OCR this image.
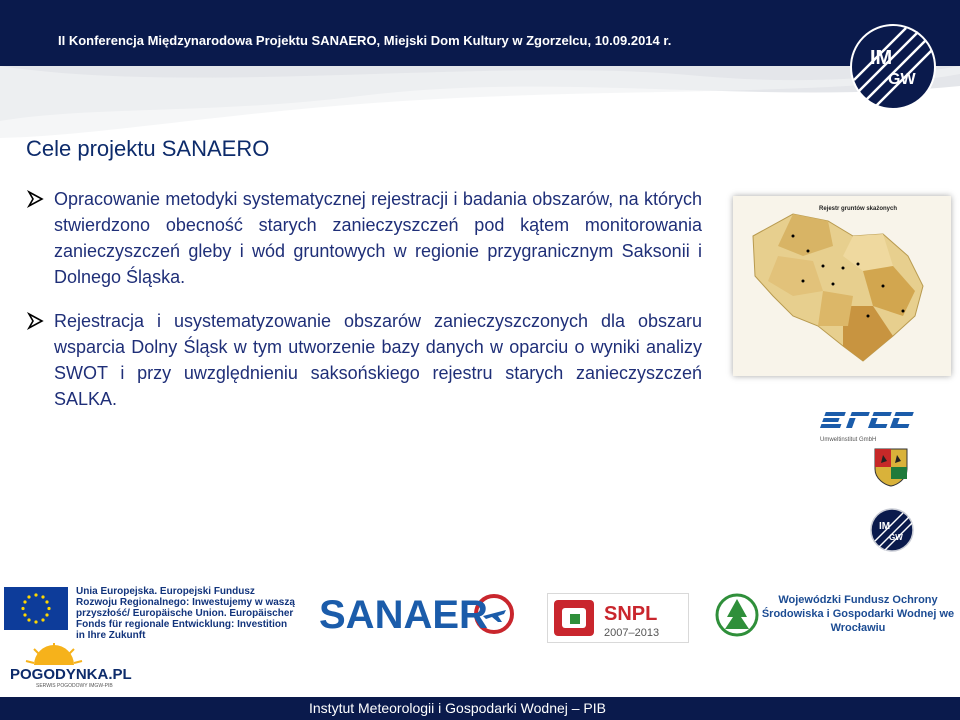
II Konferencja Międzynarodowa Projektu SANAERO, Miejski Dom Kultury w Zgorzelcu, 10.09.2014 r.
IM
GW
Cele projektu SANAERO
Opracowanie metodyki systematycznej rejestracji i badania obszarów, na których stwierdzono obecność starych zanieczyszczeń pod kątem monitorowania zanieczyszczeń gleby i wód gruntowych w regionie przygranicznym Saksonii i Dolnego Śląska.
Rejestracja i usystematyzowanie obszarów zanieczyszczonych dla obszaru wsparcia Dolny Śląsk w tym utworzenie bazy danych w oparciu o wyniki analizy SWOT i przy uwzględnieniu saksońskiego rejestru starych zanieczyszczeń SALKA.
Rejestr gruntów skażonych
Umweltinstitut GmbH
IM
GW
Unia Europejska. Europejski Fundusz Rozwoju Regionalnego: Inwestujemy w waszą przyszłość/ Europäische Union. Europäischer Fonds für regionale Entwicklung: Investition in Ihre Zukunft	SANAER	SNPL
2007–2013
Wojewódzki Fundusz Ochrony Środowiska i Gospodarki Wodnej we Wrocławiu
POGODYNKA.PL
SERWIS POGODOWY IMGW-PIB
Instytut Meteorologii i Gospodarki Wodnej – PIB
